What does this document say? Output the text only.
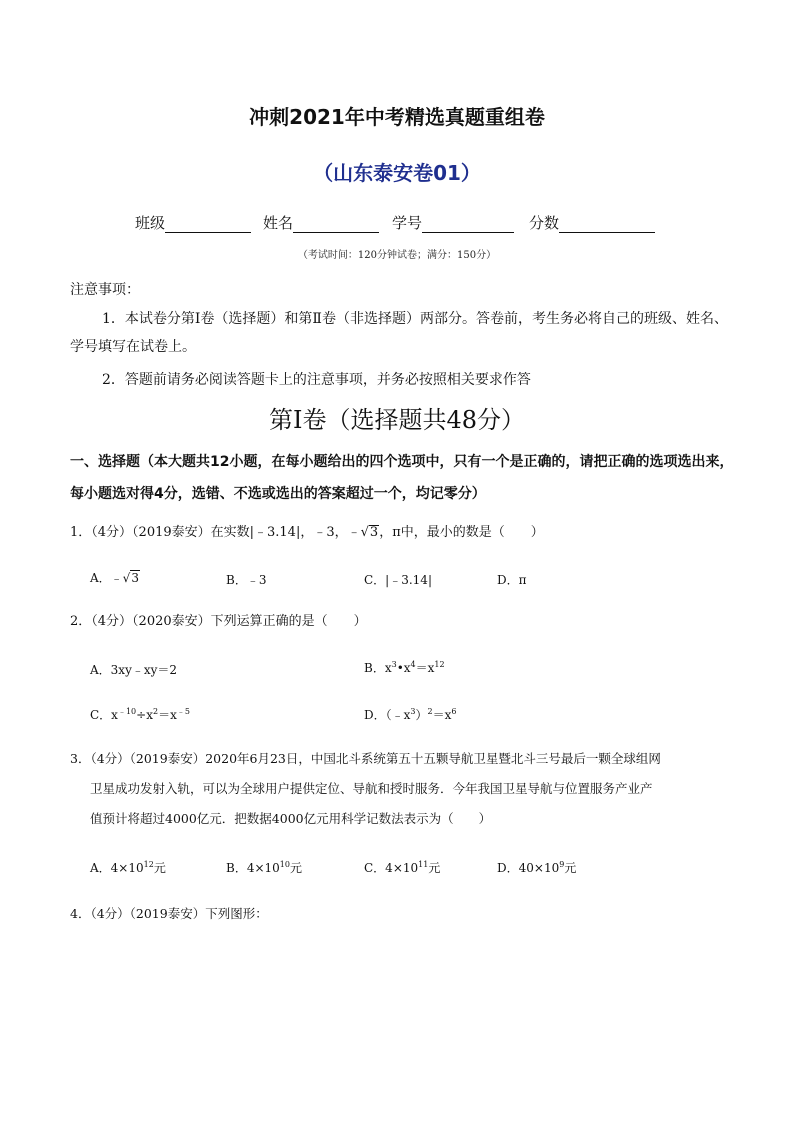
冲刺2021年中考精选真题重组卷
（山东泰安卷01）
班级	姓名	学号	分数
（考试时间：120分钟试卷；满分：150分）
注意事项：
1．本试卷分第Ⅰ卷（选择题）和第Ⅱ卷（非选择题）两部分。答卷前，考生务必将自己的班级、姓名、
学号填写在试卷上。
2．答题前请务必阅读答题卡上的注意事项，并务必按照相关要求作答
第Ⅰ卷（选择题共48分）
一、选择题（本大题共12小题，在每小题给出的四个选项中，只有一个是正确的，请把正确的选项选出来，
每小题选对得4分，选错、不选或选出的答案超过一个，均记零分）
1．（4分）（2019泰安）在实数|﹣3.14|，﹣3，﹣√3，π中，最小的数是（　　）
A．﹣√3	B．﹣3	C．|﹣3.14|	D．π
2．（4分）（2020泰安）下列运算正确的是（　　）
A．3xy﹣xy＝2	B．$x^3•x^4=x^{12}$
C．$x^{﹣10}\div x^2=x^{﹣5}$	D．$(﹣x^3)^2=x^6$
3．（4分）（2019泰安）2020年6月23日，中国北斗系统第五十五颗导航卫星暨北斗三号最后一颗全球组网
卫星成功发射入轨，可以为全球用户提供定位、导航和授时服务．今年我国卫星导航与位置服务产业产
值预计将超过4000亿元．把数据4000亿元用科学记数法表示为（　　）
A．$4\times 10^{12}$元	B．$4\times 10^{10}$元	C．$4\times 10^{11}$元	D．$40\times 10^9$元
4．（4分）（2019泰安）下列图形：
